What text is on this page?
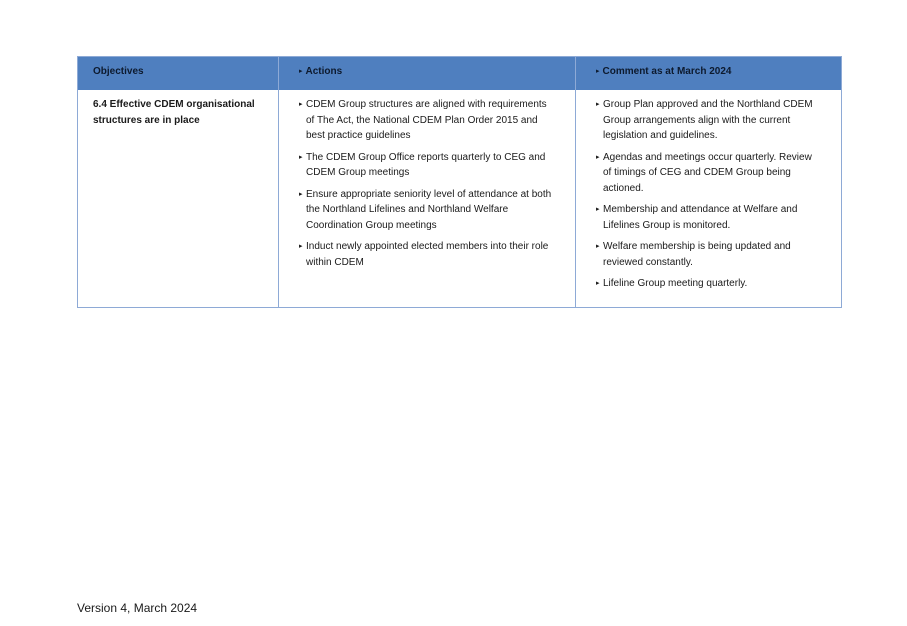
Objectives	▸ Actions	▸ Comment as at March 2024
6.4 Effective CDEM organisational structures are in place
▸ CDEM Group structures are aligned with requirements of The Act, the National CDEM Plan Order 2015 and best practice guidelines
▸ The CDEM Group Office reports quarterly to CEG and CDEM Group meetings
▸ Ensure appropriate seniority level of attendance at both the Northland Lifelines and Northland Welfare Coordination Group meetings
▸ Induct newly appointed elected members into their role within CDEM
▸ Group Plan approved and the Northland CDEM Group arrangements align with the current legislation and guidelines.
▸ Agendas and meetings occur quarterly. Review of timings of CEG and CDEM Group being actioned.
▸ Membership and attendance at Welfare and Lifelines Group is monitored.
▸ Welfare membership is being updated and reviewed constantly.
▸ Lifeline Group meeting quarterly.
Version 4, March 2024
